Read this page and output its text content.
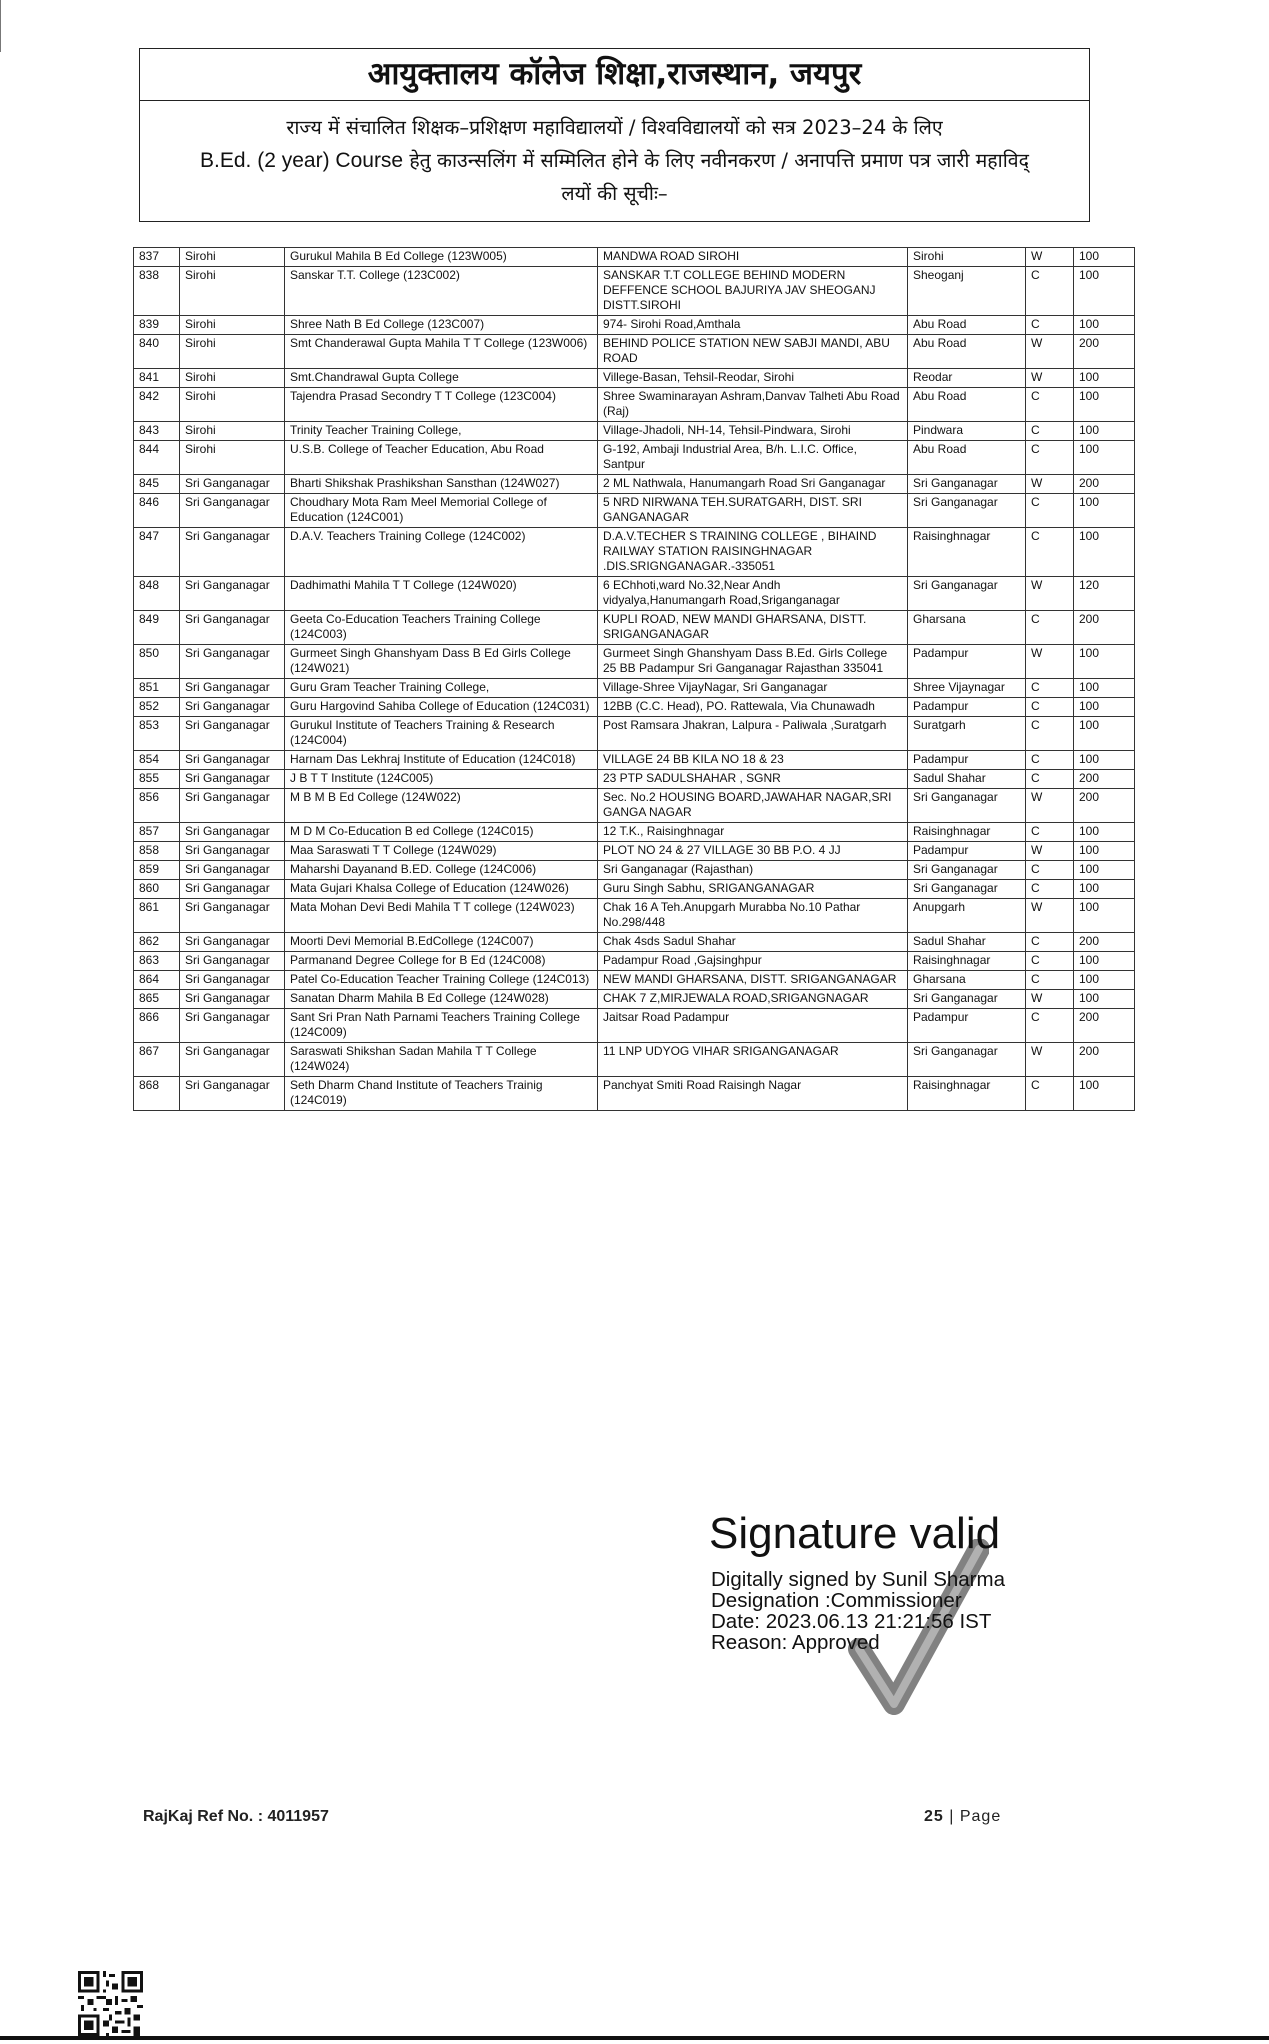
आयुक्तालय कॉलेज शिक्षा,राजस्थान, जयपुर
राज्य में संचालित शिक्षक–प्रशिक्षण महाविद्यालयों / विश्वविद्यालयों को सत्र 2023–24 के लिए
B.Ed. (2 year) Course हेतु काउन्सलिंग में सम्मिलित होने के लिए नवीनकरण / अनापत्ति प्रमाण पत्र जारी महाविद्
लयों की सूचीः–
837	Sirohi	Gurukul Mahila B Ed College (123W005)	MANDWA ROAD SIROHI	Sirohi	W	100
838	Sirohi	Sanskar T.T. College (123C002)	SANSKAR T.T COLLEGE BEHIND MODERN DEFFENCE SCHOOL BAJURIYA JAV SHEOGANJ DISTT.SIROHI	Sheoganj	C	100
839	Sirohi	Shree Nath B Ed College (123C007)	974- Sirohi Road,Amthala	Abu Road	C	100
840	Sirohi	Smt Chanderawal Gupta Mahila T T College (123W006)	BEHIND POLICE STATION NEW SABJI MANDI, ABU ROAD	Abu Road	W	200
841	Sirohi	Smt.Chandrawal Gupta College	Villege-Basan, Tehsil-Reodar, Sirohi	Reodar	W	100
842	Sirohi	Tajendra Prasad Secondry T T College (123C004)	Shree Swaminarayan Ashram,Danvav Talheti Abu Road (Raj)	Abu Road	C	100
843	Sirohi	Trinity Teacher Training College,	Village-Jhadoli, NH-14, Tehsil-Pindwara, Sirohi	Pindwara	C	100
844	Sirohi	U.S.B. College of Teacher Education, Abu Road	G-192, Ambaji Industrial Area, B/h. L.I.C. Office, Santpur	Abu Road	C	100
845	Sri Ganganagar	Bharti Shikshak Prashikshan Sansthan (124W027)	2 ML Nathwala, Hanumangarh Road Sri Ganganagar	Sri Ganganagar	W	200
846	Sri Ganganagar	Choudhary Mota Ram Meel Memorial College of Education (124C001)	5 NRD NIRWANA TEH.SURATGARH, DIST. SRI GANGANAGAR	Sri Ganganagar	C	100
847	Sri Ganganagar	D.A.V. Teachers Training College (124C002)	D.A.V.TECHER S TRAINING COLLEGE , BIHAIND RAILWAY STATION RAISINGHNAGAR .DIS.SRIGNGANAGAR.-335051	Raisinghnagar	C	100
848	Sri Ganganagar	Dadhimathi Mahila T T College (124W020)	6 EChhoti,ward No.32,Near Andh vidyalya,Hanumangarh Road,Sriganganagar	Sri Ganganagar	W	120
849	Sri Ganganagar	Geeta Co-Education Teachers Training College (124C003)	KUPLI ROAD, NEW MANDI GHARSANA, DISTT. SRIGANGANAGAR	Gharsana	C	200
850	Sri Ganganagar	Gurmeet Singh Ghanshyam Dass B Ed Girls College (124W021)	Gurmeet Singh Ghanshyam Dass B.Ed. Girls College 25 BB Padampur Sri Ganganagar Rajasthan 335041	Padampur	W	100
851	Sri Ganganagar	Guru Gram Teacher Training College,	Village-Shree VijayNagar, Sri Ganganagar	Shree Vijaynagar	C	100
852	Sri Ganganagar	Guru Hargovind Sahiba College of Education (124C031)	12BB (C.C. Head), PO. Rattewala, Via Chunawadh	Padampur	C	100
853	Sri Ganganagar	Gurukul Institute of Teachers Training & Research (124C004)	Post Ramsara Jhakran, Lalpura - Paliwala ,Suratgarh	Suratgarh	C	100
854	Sri Ganganagar	Harnam Das Lekhraj Institute of Education (124C018)	VILLAGE 24 BB KILA NO 18 & 23	Padampur	C	100
855	Sri Ganganagar	J B T T Institute (124C005)	23 PTP SADULSHAHAR , SGNR	Sadul Shahar	C	200
856	Sri Ganganagar	M B M B Ed College (124W022)	Sec. No.2 HOUSING BOARD,JAWAHAR NAGAR,SRI GANGA NAGAR	Sri Ganganagar	W	200
857	Sri Ganganagar	M D M Co-Education B ed College (124C015)	12 T.K., Raisinghnagar	Raisinghnagar	C	100
858	Sri Ganganagar	Maa Saraswati T T College (124W029)	PLOT NO 24 & 27 VILLAGE 30 BB P.O. 4 JJ	Padampur	W	100
859	Sri Ganganagar	Maharshi Dayanand B.ED. College (124C006)	Sri Ganganagar (Rajasthan)	Sri Ganganagar	C	100
860	Sri Ganganagar	Mata Gujari Khalsa College of Education (124W026)	Guru Singh Sabhu, SRIGANGANAGAR	Sri Ganganagar	C	100
861	Sri Ganganagar	Mata Mohan Devi Bedi Mahila T T college (124W023)	Chak 16 A Teh.Anupgarh Murabba No.10 Pathar No.298/448	Anupgarh	W	100
862	Sri Ganganagar	Moorti Devi Memorial B.EdCollege (124C007)	Chak 4sds Sadul Shahar	Sadul Shahar	C	200
863	Sri Ganganagar	Parmanand Degree College for B Ed (124C008)	Padampur Road ,Gajsinghpur	Raisinghnagar	C	100
864	Sri Ganganagar	Patel Co-Education Teacher Training College (124C013)	NEW MANDI GHARSANA, DISTT. SRIGANGANAGAR	Gharsana	C	100
865	Sri Ganganagar	Sanatan Dharm Mahila B Ed College (124W028)	CHAK 7 Z,MIRJEWALA ROAD,SRIGANGNAGAR	Sri Ganganagar	W	100
866	Sri Ganganagar	Sant Sri Pran Nath Parnami Teachers Training College (124C009)	Jaitsar Road Padampur	Padampur	C	200
867	Sri Ganganagar	Saraswati Shikshan Sadan Mahila T T College (124W024)	11 LNP UDYOG VIHAR SRIGANGANAGAR	Sri Ganganagar	W	200
868	Sri Ganganagar	Seth Dharm Chand Institute of Teachers Trainig (124C019)	Panchyat Smiti Road Raisingh Nagar	Raisinghnagar	C	100
Signature valid
Digitally signed by Sunil Sharma
Designation :Commissioner
Date: 2023.06.13 21:21:56 IST
Reason: Approved
RajKaj Ref No. : 4011957	25 | Page
